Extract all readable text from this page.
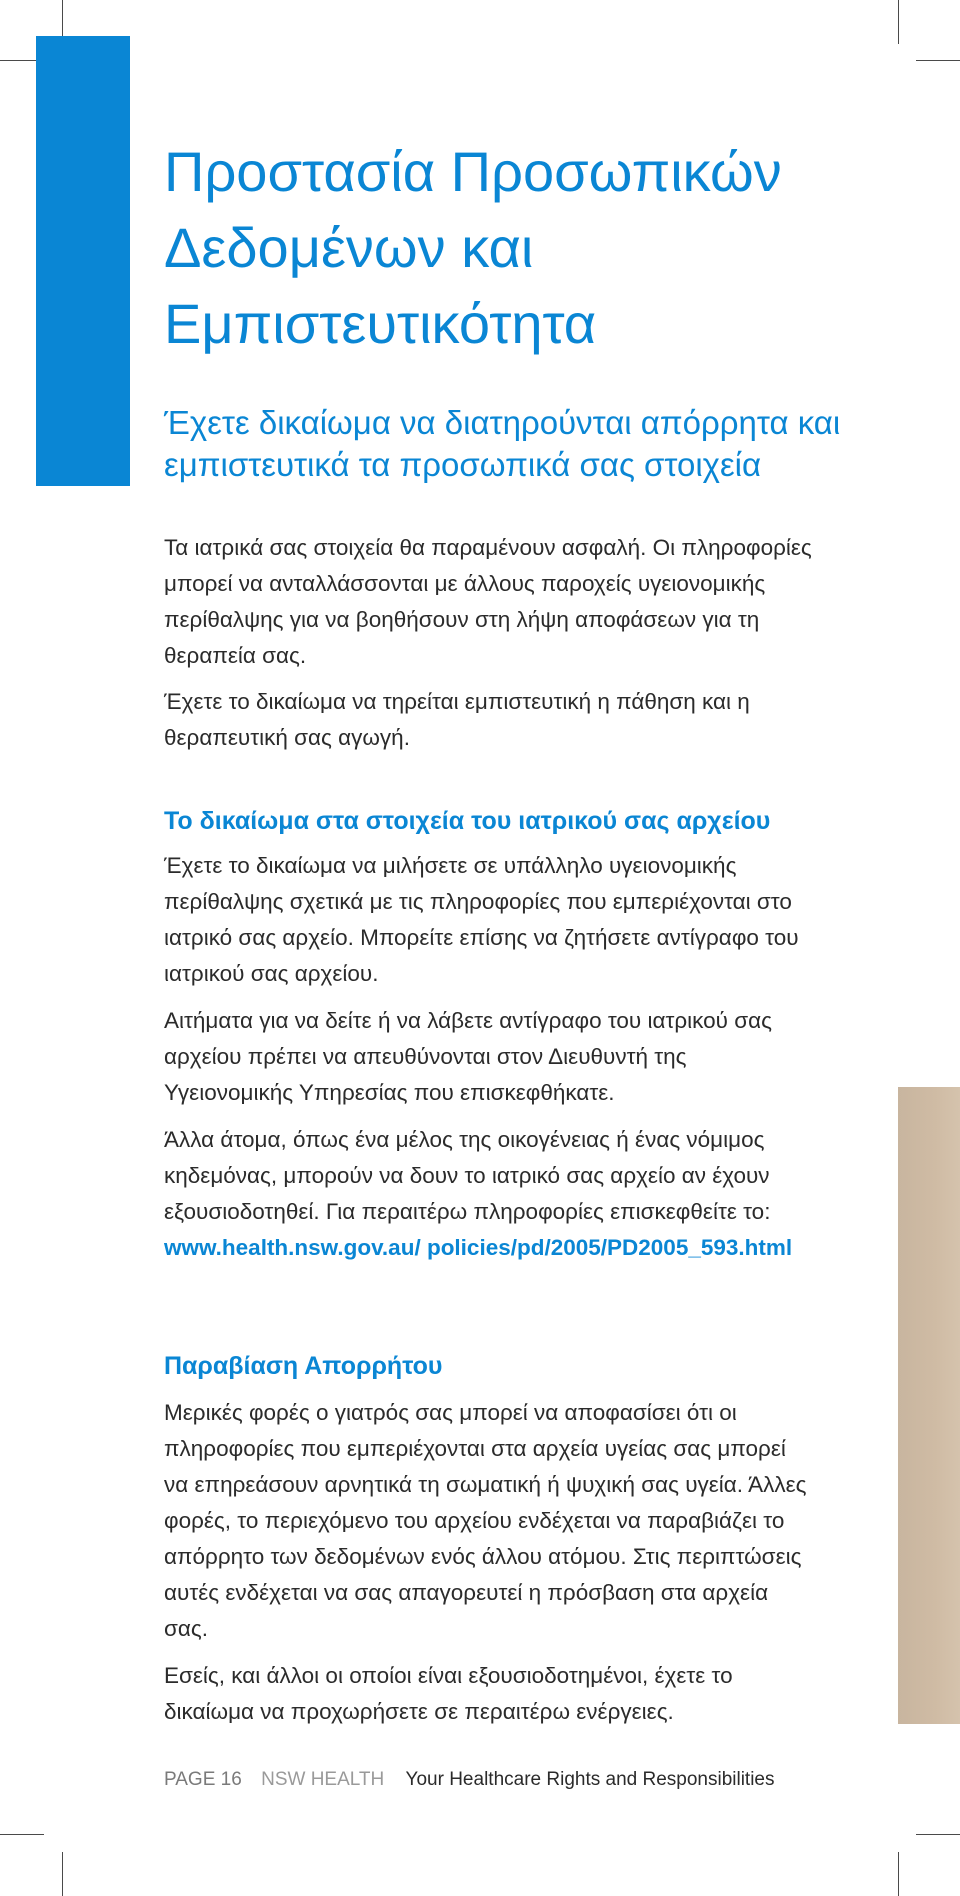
Προστασία Προσωπικών Δεδομένων και Εμπιστευτικότητα
Έχετε δικαίωμα να διατηρούνται απόρρητα και εμπιστευτικά τα προσωπικά σας στοιχεία

Τα ιατρικά σας στοιχεία θα παραμένουν ασφαλή. Οι πληροφορίες μπορεί να ανταλλάσσονται με άλλους παροχείς υγειονομικής περίθαλψης για να βοηθήσουν στη λήψη αποφάσεων για τη θεραπεία σας.

Έχετε το δικαίωμα να τηρείται εμπιστευτική η πάθηση και η θεραπευτική σας αγωγή.

Το δικαίωμα στα στοιχεία του ιατρικού σας αρχείου

Έχετε το δικαίωμα να μιλήσετε σε υπάλληλο υγειονομικής περίθαλψης σχετικά με τις πληροφορίες που εμπεριέχονται στο ιατρικό σας αρχείο. Μπορείτε επίσης να ζητήσετε αντίγραφο του ιατρικού σας αρχείου.

Αιτήματα για να δείτε ή να λάβετε αντίγραφο του ιατρικού σας αρχείου πρέπει να απευθύνονται στον Διευθυντή της Υγειονομικής Υπηρεσίας που επισκεφθήκατε.

Άλλα άτομα, όπως ένα μέλος της οικογένειας ή ένας νόμιμος κηδεμόνας, μπορούν να δουν το ιατρικό σας αρχείο αν έχουν εξουσιοδοτηθεί. Για περαιτέρω πληροφορίες επισκεφθείτε το: www.health.nsw.gov.au/ policies/pd/2005/PD2005_593.html

Παραβίαση Απορρήτου

Μερικές φορές ο γιατρός σας μπορεί να αποφασίσει ότι οι πληροφορίες που εμπεριέχονται στα αρχεία υγείας σας μπορεί να επηρεάσουν αρνητικά τη σωματική ή ψυχική σας υγεία. Άλλες φορές, το περιεχόμενο του αρχείου ενδέχεται να παραβιάζει το απόρρητο των δεδομένων ενός άλλου ατόμου. Στις περιπτώσεις αυτές ενδέχεται να σας απαγορευτεί η πρόσβαση στα αρχεία σας.

Εσείς, και άλλοι οι οποίοι είναι εξουσιοδοτημένοι, έχετε το δικαίωμα να προχωρήσετε σε περαιτέρω ενέργειες.

PAGE 16 NSW HEALTH Your Healthcare Rights and Responsibilities
